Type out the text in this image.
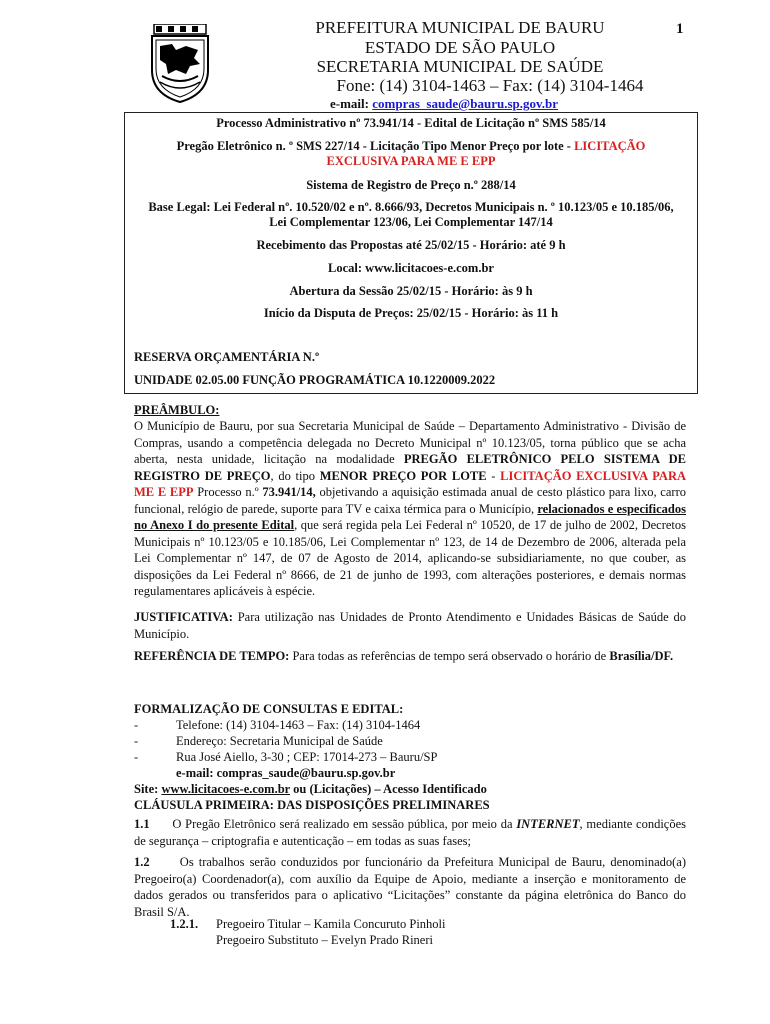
PREFEITURA MUNICIPAL DE BAURU
ESTADO DE SÃO PAULO
SECRETARIA MUNICIPAL DE SAÚDE
Fone: (14) 3104-1463 – Fax: (14) 3104-1464
1
e-mail: compras_saude@bauru.sp.gov.br
Processo Administrativo nº 73.941/14 - Edital de Licitação nº SMS 585/14
Pregão Eletrônico n. º SMS 227/14 - Licitação Tipo Menor Preço por lote - LICITAÇÃO
EXCLUSIVA PARA ME E EPP
Sistema de Registro de Preço n.º 288/14
Base Legal: Lei Federal nº. 10.520/02 e nº. 8.666/93, Decretos Municipais n. º 10.123/05 e 10.185/06,
Lei Complementar 123/06, Lei Complementar 147/14
Recebimento das Propostas até 25/02/15 - Horário: até 9 h
Local: www.licitacoes-e.com.br
Abertura da Sessão 25/02/15 - Horário: às 9 h
Início da Disputa de Preços: 25/02/15 - Horário: às 11 h
RESERVA ORÇAMENTÁRIA N.º
UNIDADE 02.05.00 FUNÇÃO PROGRAMÁTICA 10.1220009.2022
PREÂMBULO:
O Município de Bauru, por sua Secretaria Municipal de Saúde – Departamento Administrativo - Divisão de Compras, usando a competência delegada no Decreto Municipal nº 10.123/05, torna público que se acha aberta, nesta unidade, licitação na modalidade PREGÃO ELETRÔNICO PELO SISTEMA DE REGISTRO DE PREÇO, do tipo MENOR PREÇO POR LOTE - LICITAÇÃO EXCLUSIVA PARA ME E EPP Processo n.º 73.941/14, objetivando a aquisição estimada anual de cesto plástico para lixo, carro funcional, relógio de parede, suporte para TV e caixa térmica para o Município, relacionados e especificados no Anexo I do presente Edital, que será regida pela Lei Federal nº 10520, de 17 de julho de 2002, Decretos Municipais nº 10.123/05 e 10.185/06, Lei Complementar nº 123, de 14 de Dezembro de 2006, alterada pela Lei Complementar nº 147, de 07 de Agosto de 2014, aplicando-se subsidiariamente, no que couber, as disposições da Lei Federal nº 8666, de 21 de junho de 1993, com alterações posteriores, e demais normas regulamentares aplicáveis à espécie.
JUSTIFICATIVA: Para utilização nas Unidades de Pronto Atendimento e Unidades Básicas de Saúde do Município.
REFERÊNCIA DE TEMPO: Para todas as referências de tempo será observado o horário de Brasília/DF.
FORMALIZAÇÃO DE CONSULTAS E EDITAL:
-	Telefone: (14) 3104-1463 – Fax: (14) 3104-1464
-	Endereço: Secretaria Municipal de Saúde
-	Rua José Aiello, 3-30 ; CEP: 17014-273 – Bauru/SP
e-mail: compras_saude@bauru.sp.gov.br
Site: www.licitacoes-e.com.br ou (Licitações) – Acesso Identificado
CLÁUSULA PRIMEIRA: DAS DISPOSIÇÕES PRELIMINARES
1.1 O Pregão Eletrônico será realizado em sessão pública, por meio da INTERNET, mediante condições de segurança – criptografia e autenticação – em todas as suas fases;
1.2 Os trabalhos serão conduzidos por funcionário da Prefeitura Municipal de Bauru, denominado(a) Pregoeiro(a) Coordenador(a), com auxílio da Equipe de Apoio, mediante a inserção e monitoramento de dados gerados ou transferidos para o aplicativo “Licitações” constante da página eletrônica do Banco do Brasil S/A.
1.2.1. Pregoeiro Titular – Kamila Concuruto Pinholi
Pregoeiro Substituto – Evelyn Prado Rineri
